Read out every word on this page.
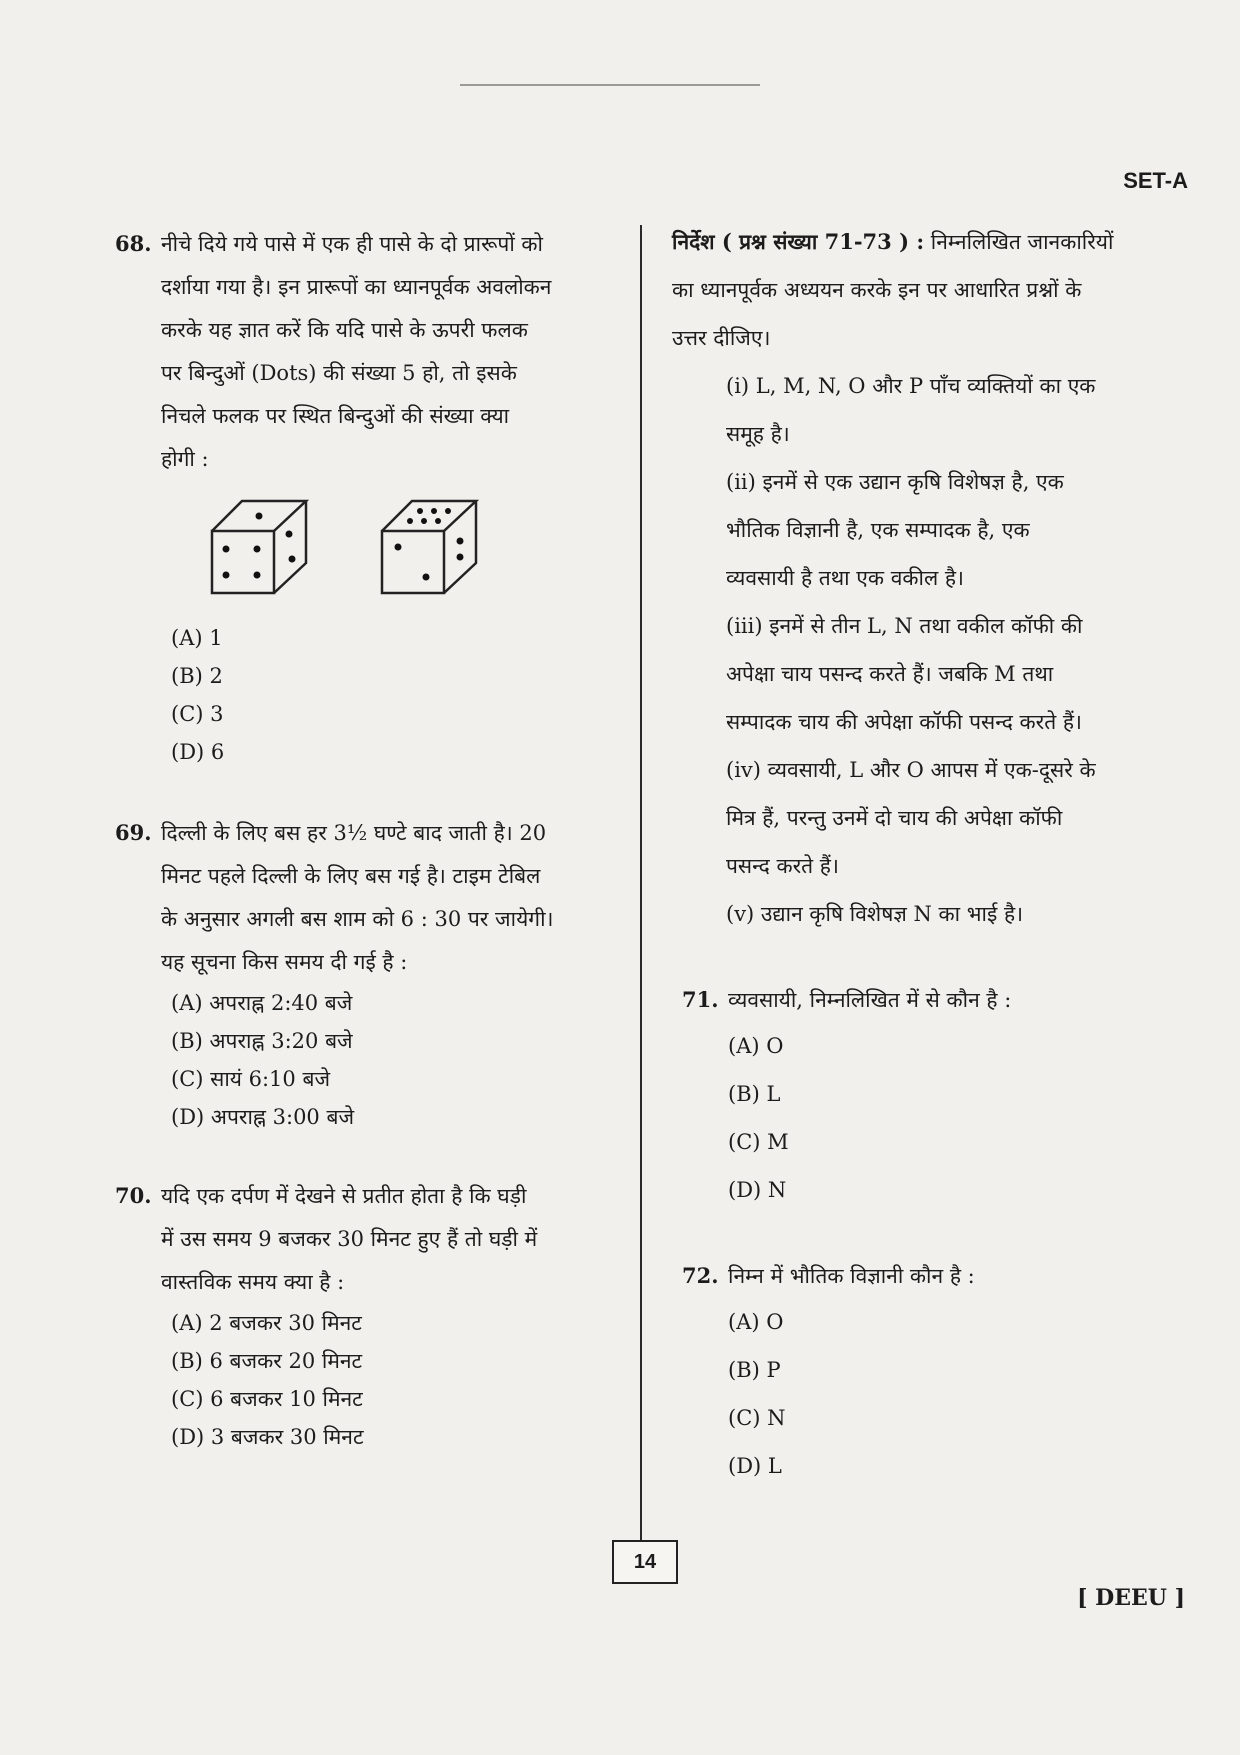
SET-A
68. नीचे दिये गये पासे में एक ही पासे के दो प्रारूपों को
दर्शाया गया है। इन प्रारूपों का ध्यानपूर्वक अवलोकन
करके यह ज्ञात करें कि यदि पासे के ऊपरी फलक
पर बिन्दुओं (Dots) की संख्या 5 हो, तो इसके
निचले फलक पर स्थित बिन्दुओं की संख्या क्या
होगी :
(A) 1
(B) 2
(C) 3
(D) 6
69. दिल्ली के लिए बस हर 3½ घण्टे बाद जाती है। 20
मिनट पहले दिल्ली के लिए बस गई है। टाइम टेबिल
के अनुसार अगली बस शाम को 6 : 30 पर जायेगी।
यह सूचना किस समय दी गई है :
(A) अपराह्न 2:40 बजे
(B) अपराह्न 3:20 बजे
(C) सायं 6:10 बजे
(D) अपराह्न 3:00 बजे
70. यदि एक दर्पण में देखने से प्रतीत होता है कि घड़ी
में उस समय 9 बजकर 30 मिनट हुए हैं तो घड़ी में
वास्तविक समय क्या है :
(A) 2 बजकर 30 मिनट
(B) 6 बजकर 20 मिनट
(C) 6 बजकर 10 मिनट
(D) 3 बजकर 30 मिनट
निर्देश ( प्रश्न संख्या 71-73 ) : निम्नलिखित जानकारियों
का ध्यानपूर्वक अध्ययन करके इन पर आधारित प्रश्नों के
उत्तर दीजिए।
(i) L, M, N, O और P पाँच व्यक्तियों का एक
समूह है।
(ii) इनमें से एक उद्यान कृषि विशेषज्ञ है, एक
भौतिक विज्ञानी है, एक सम्पादक है, एक
व्यवसायी है तथा एक वकील है।
(iii) इनमें से तीन L, N तथा वकील कॉफी की
अपेक्षा चाय पसन्द करते हैं। जबकि M तथा
सम्पादक चाय की अपेक्षा कॉफी पसन्द करते हैं।
(iv) व्यवसायी, L और O आपस में एक-दूसरे के
मित्र हैं, परन्तु उनमें दो चाय की अपेक्षा कॉफी
पसन्द करते हैं।
(v) उद्यान कृषि विशेषज्ञ N का भाई है।
71. व्यवसायी, निम्नलिखित में से कौन है :
(A) O
(B) L
(C) M
(D) N
72. निम्न में भौतिक विज्ञानी कौन है :
(A) O
(B) P
(C) N
(D) L
14
[ DEEU ]
